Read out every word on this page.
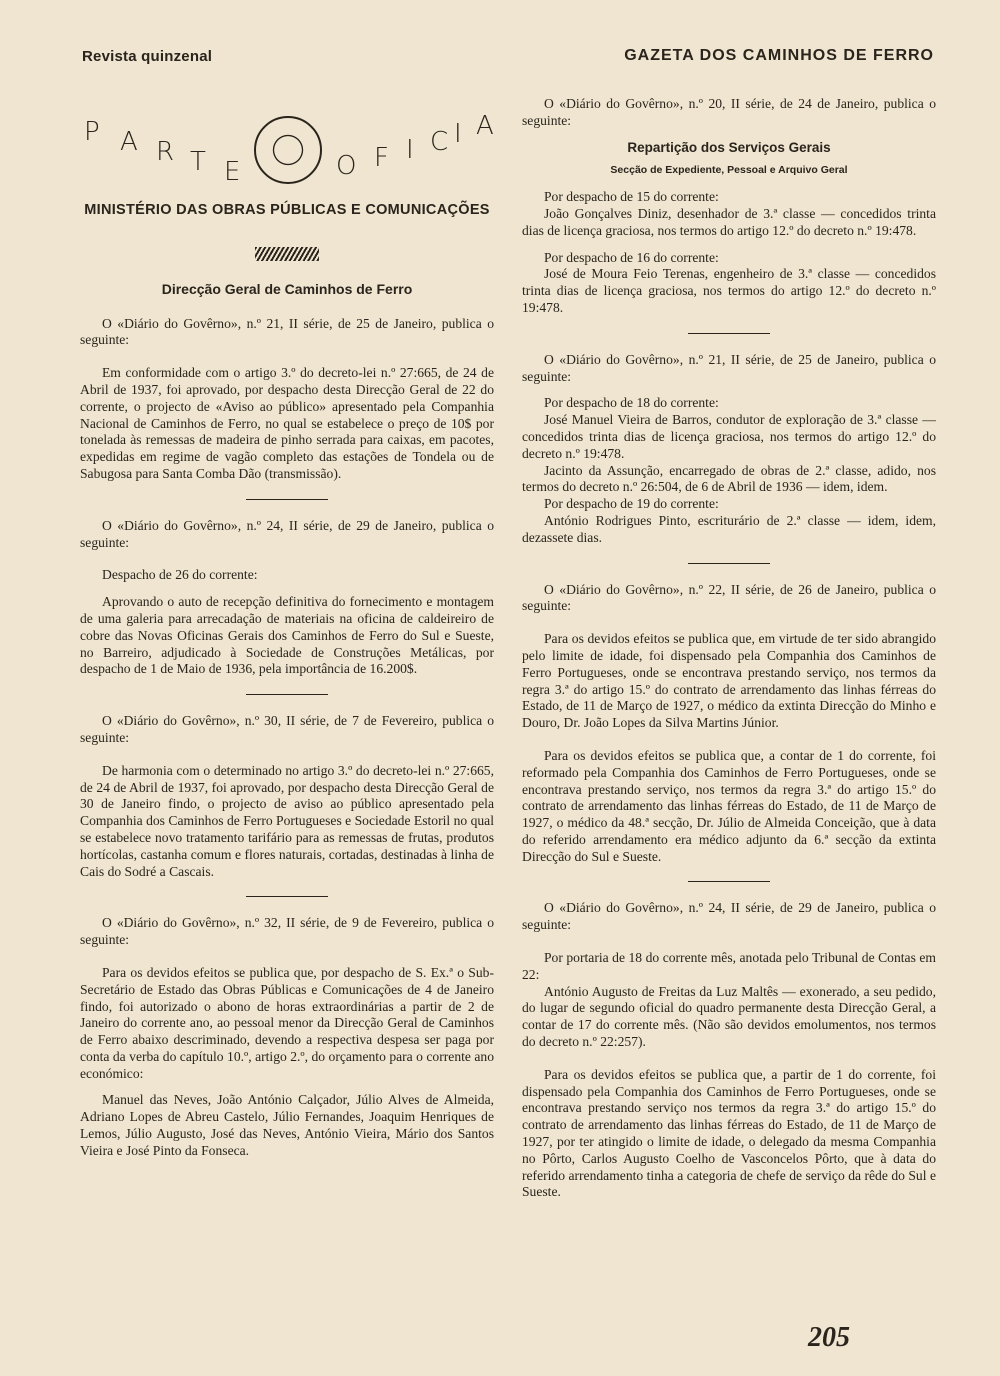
Revista quinzenal	GAZETA DOS CAMINHOS DE FERRO
P A R T E	O F I C I A
MINISTÉRIO DAS OBRAS PÚBLICAS E COMUNICAÇÕES
Direcção Geral de Caminhos de Ferro

O «Diário do Govêrno», n.º 21, II série, de 25 de Janeiro, publica o seguinte:

Em conformidade com o artigo 3.º do decreto-lei n.º 27:665, de 24 de Abril de 1937, foi aprovado, por despacho desta Direcção Geral de 22 do corrente, o projecto de «Aviso ao público» apresentado pela Companhia Nacional de Caminhos de Ferro, no qual se estabelece o preço de 10$ por tonelada às remessas de madeira de pinho serrada para caixas, em pacotes, expedidas em regime de vagão completo das estações de Tondela ou de Sabugosa para Santa Comba Dão (transmissão).

O «Diário do Govêrno», n.º 24, II série, de 29 de Janeiro, publica o seguinte:

Despacho de 26 do corrente:

Aprovando o auto de recepção definitiva do fornecimento e montagem de uma galeria para arrecadação de materiais na oficina de caldeireiro de cobre das Novas Oficinas Gerais dos Caminhos de Ferro do Sul e Sueste, no Barreiro, adjudicado à Sociedade de Construções Metálicas, por despacho de 1 de Maio de 1936, pela importância de 16.200$.

O «Diário do Govêrno», n.º 30, II série, de 7 de Fevereiro, publica o seguinte:

De harmonia com o determinado no artigo 3.º do decreto-lei n.º 27:665, de 24 de Abril de 1937, foi aprovado, por despacho desta Direcção Geral de 30 de Janeiro findo, o projecto de aviso ao público apresentado pela Companhia dos Caminhos de Ferro Portugueses e Sociedade Estoril no qual se estabelece novo tratamento tarifário para as remessas de frutas, produtos hortícolas, castanha comum e flores naturais, cortadas, destinadas à linha de Cais do Sodré a Cascais.

O «Diário do Govêrno», n.º 32, II série, de 9 de Fevereiro, publica o seguinte:

Para os devidos efeitos se publica que, por despacho de S. Ex.ª o Sub-Secretário de Estado das Obras Públicas e Comunicações de 4 de Janeiro findo, foi autorizado o abono de horas extraordinárias a partir de 2 de Janeiro do corrente ano, ao pessoal menor da Direcção Geral de Caminhos de Ferro abaixo descriminado, devendo a respectiva despesa ser paga por conta da verba do capítulo 10.º, artigo 2.º, do orçamento para o corrente ano económico:

Manuel das Neves, João António Calçador, Júlio Alves de Almeida, Adriano Lopes de Abreu Castelo, Júlio Fernandes, Joaquim Henriques de Lemos, Júlio Augusto, José das Neves, António Vieira, Mário dos Santos Vieira e José Pinto da Fonseca.

O «Diário do Govêrno», n.º 20, II série, de 24 de Janeiro, publica o seguinte:

Repartição dos Serviços Gerais
Secção de Expediente, Pessoal e Arquivo Geral

Por despacho de 15 do corrente:

João Gonçalves Diniz, desenhador de 3.ª classe — concedidos trinta dias de licença graciosa, nos termos do artigo 12.º do decreto n.º 19:478.

Por despacho de 16 do corrente:

José de Moura Feio Terenas, engenheiro de 3.ª classe — concedidos trinta dias de licença graciosa, nos termos do artigo 12.º do decreto n.º 19:478.

O «Diário do Govêrno», n.º 21, II série, de 25 de Janeiro, publica o seguinte:

Por despacho de 18 do corrente:

José Manuel Vieira de Barros, condutor de exploração de 3.ª classe — concedidos trinta dias de licença graciosa, nos termos do artigo 12.º do decreto n.º 19:478.

Jacinto da Assunção, encarregado de obras de 2.ª classe, adido, nos termos do decreto n.º 26:504, de 6 de Abril de 1936 — idem, idem.

Por despacho de 19 do corrente:

António Rodrigues Pinto, escriturário de 2.ª classe — idem, idem, dezassete dias.

O «Diário do Govêrno», n.º 22, II série, de 26 de Janeiro, publica o seguinte:

Para os devidos efeitos se publica que, em virtude de ter sido abrangido pelo limite de idade, foi dispensado pela Companhia dos Caminhos de Ferro Portugueses, onde se encontrava prestando serviço, nos termos da regra 3.ª do artigo 15.º do contrato de arrendamento das linhas férreas do Estado, de 11 de Março de 1927, o médico da extinta Direcção do Minho e Douro, Dr. João Lopes da Silva Martins Júnior.

Para os devidos efeitos se publica que, a contar de 1 do corrente, foi reformado pela Companhia dos Caminhos de Ferro Portugueses, onde se encontrava prestando serviço, nos termos da regra 3.ª do artigo 15.º do contrato de arrendamento das linhas férreas do Estado, de 11 de Março de 1927, o médico da 48.ª secção, Dr. Júlio de Almeida Conceição, que à data do referido arrendamento era médico adjunto da 6.ª secção da extinta Direcção do Sul e Sueste.

O «Diário do Govêrno», n.º 24, II série, de 29 de Janeiro, publica o seguinte:

Por portaria de 18 do corrente mês, anotada pelo Tribunal de Contas em 22:

António Augusto de Freitas da Luz Maltês — exonerado, a seu pedido, do lugar de segundo oficial do quadro permanente desta Direcção Geral, a contar de 17 do corrente mês. (Não são devidos emolumentos, nos termos do decreto n.º 22:257).

Para os devidos efeitos se publica que, a partir de 1 do corrente, foi dispensado pela Companhia dos Caminhos de Ferro Portugueses, onde se encontrava prestando serviço nos termos da regra 3.ª do artigo 15.º do contrato de arrendamento das linhas férreas do Estado, de 11 de Março de 1927, por ter atingido o limite de idade, o delegado da mesma Companhia no Pôrto, Carlos Augusto Coelho de Vasconcelos Pôrto, que à data do referido arrendamento tinha a categoria de chefe de serviço da rêde do Sul e Sueste.

205
